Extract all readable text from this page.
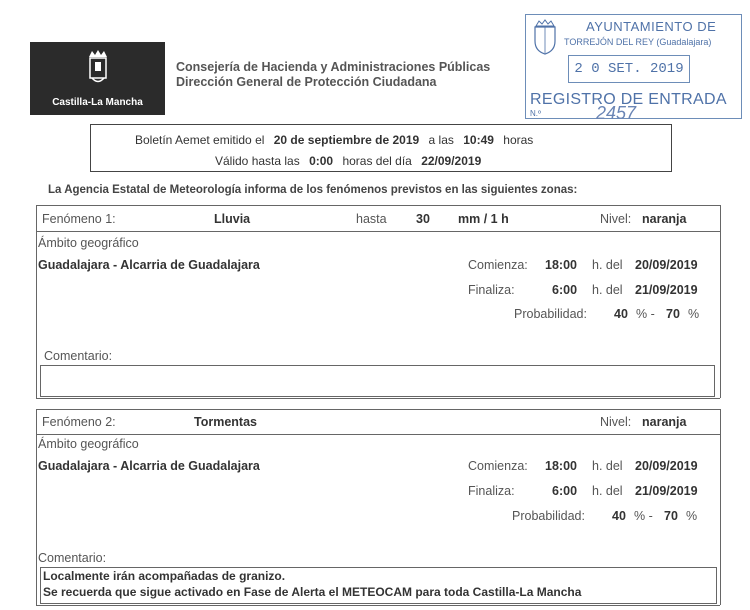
Castilla-La Mancha
Consejería de Hacienda y Administraciones Públicas
Dirección General de Protección Ciudadana
AYUNTAMIENTO DE
TORREJÓN DEL REY (Guadalajara)
2 0 SET. 2019
REGISTRO DE ENTRADA
N.º	2457
Boletín Aemet emitido el 20 de septiembre de 2019 a las 10:49 horas
Válido hasta las 0:00 horas del día 22/09/2019
La Agencia Estatal de Meteorología informa de los fenómenos previstos en las siguientes zonas:
Fenómeno 1:	Lluvia	hasta 30 mm / 1 h	Nivel: naranja
Ámbito geográfico
Guadalajara - Alcarria de Guadalajara	Comienza: 18:00 h. del 20/09/2019
Finaliza:	6:00 h. del 21/09/2019
Probabilidad: 40 % - 70 %
Comentario:
Fenómeno 2:	Tormentas	Nivel: naranja
Ámbito geográfico
Guadalajara - Alcarria de Guadalajara	Comienza: 18:00 h. del 20/09/2019
Finaliza:	6:00 h. del 21/09/2019
Probabilidad: 40 % - 70 %
Comentario:
Localmente irán acompañadas de granizo.
Se recuerda que sigue activado en Fase de Alerta el METEOCAM para toda Castilla-La Mancha
